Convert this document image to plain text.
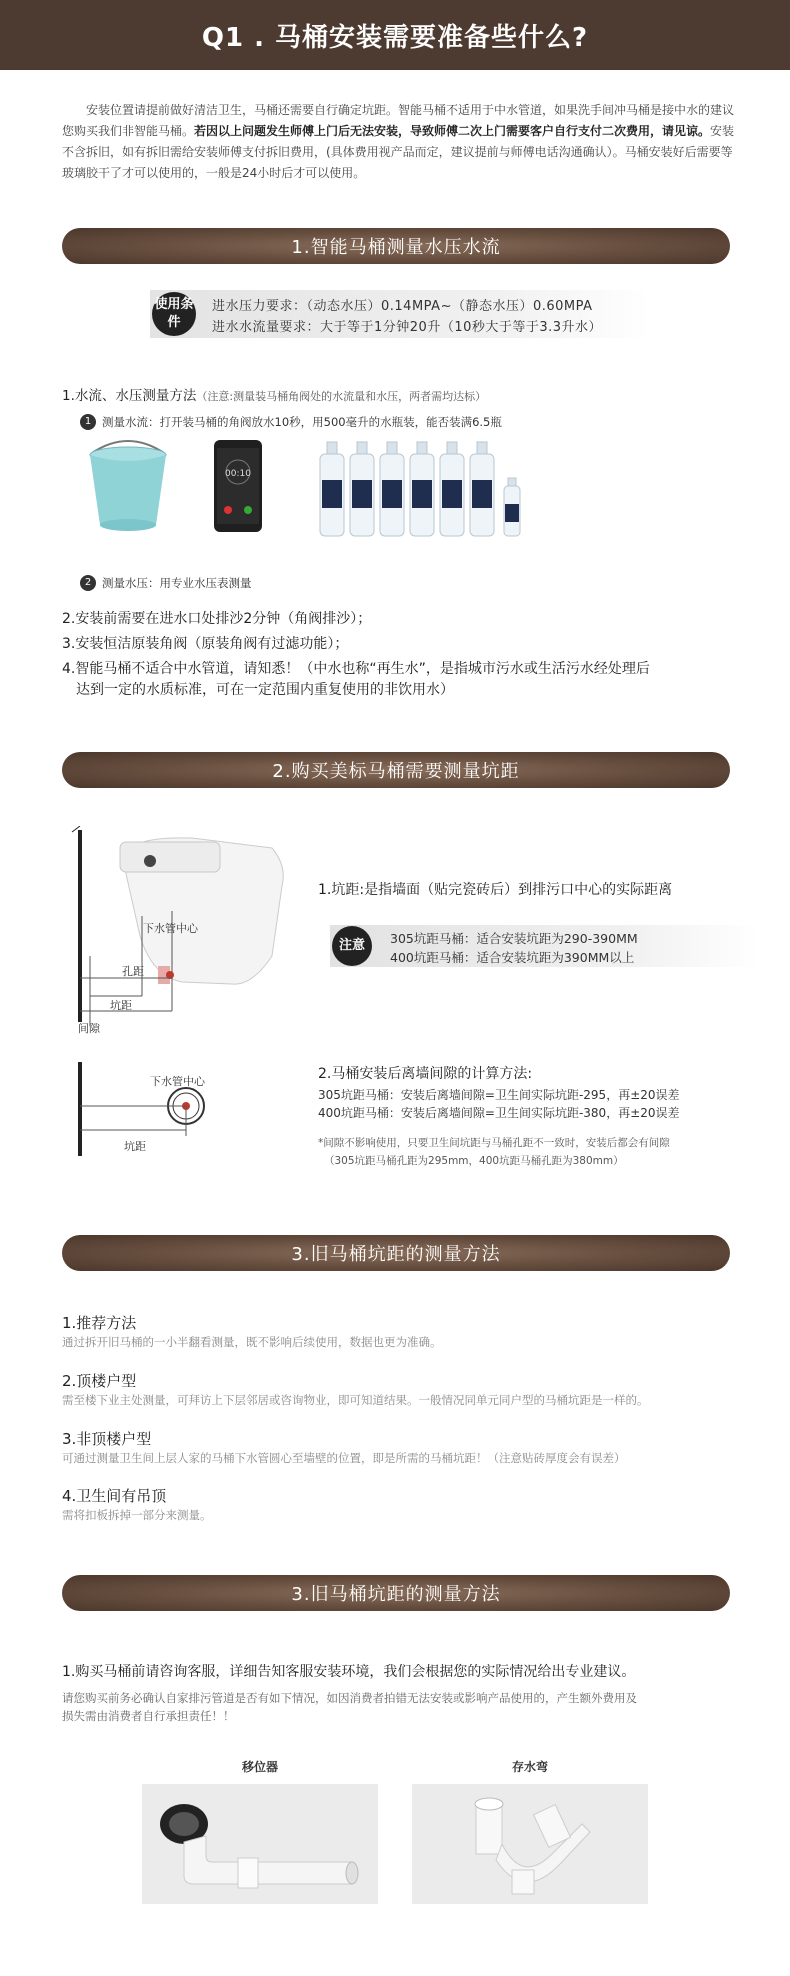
Q1 . 马桶安装需要准备些什么?
安装位置请提前做好清洁卫生，马桶还需要自行确定坑距。智能马桶不适用于中水管道，如果洗手间冲马桶是接中水的建议您购买我们非智能马桶。若因以上问题发生师傅上门后无法安装，导致师傅二次上门需要客户自行支付二次费用，请见谅。安装不含拆旧，如有拆旧需给安装师傅支付拆旧费用，(具体费用视产品而定，建议提前与师傅电话沟通确认）。马桶安装好后需要等玻璃胶干了才可以使用的，一般是24小时后才可以使用。
1.智能马桶测量水压水流
使用条件
进水压力要求：（动态水压）0.14MPA~（静态水压）0.60MPA
进水水流量要求：大于等于1分钟20升（10秒大于等于3.3升水）
1.水流、水压测量方法（注意:测量装马桶角阀处的水流量和水压，两者需均达标）
1 测量水流：打开装马桶的角阀放水10秒，用500毫升的水瓶装，能否装满6.5瓶
00:10
2 测量水压：用专业水压表测量
2.安装前需要在进水口处排沙2分钟（角阀排沙）；
3.安装恒洁原装角阀（原装角阀有过滤功能）；
4.智能马桶不适合中水管道，请知悉！（中水也称“再生水”，是指城市污水或生活污水经处理后
达到一定的水质标准，可在一定范围内重复使用的非饮用水）
2.购买美标马桶需要测量坑距
下水管中心
孔距
坑距
间隙
1.坑距:是指墙面（贴完瓷砖后）到排污口中心的实际距离
注意	305坑距马桶：适合安装坑距为290-390MM
400坑距马桶：适合安装坑距为390MM以上
下水管中心
坑距
2.马桶安装后离墙间隙的计算方法:
305坑距马桶：安装后离墙间隙=卫生间实际坑距-295，再±20误差
400坑距马桶：安装后离墙间隙=卫生间实际坑距-380，再±20误差
*间隙不影响使用，只要卫生间坑距与马桶孔距不一致时，安装后都会有间隙
（305坑距马桶孔距为295mm，400坑距马桶孔距为380mm）
3.旧马桶坑距的测量方法
1.推荐方法
通过拆开旧马桶的一小半翻看测量，既不影响后续使用，数据也更为准确。
2.顶楼户型
需至楼下业主处测量，可拜访上下层邻居或咨询物业，即可知道结果。一般情况同单元同户型的马桶坑距是一样的。
3.非顶楼户型
可通过测量卫生间上层人家的马桶下水管圆心至墙壁的位置，即是所需的马桶坑距！（注意贴砖厚度会有误差）
4.卫生间有吊顶
需将扣板拆掉一部分来测量。
3.旧马桶坑距的测量方法
1.购买马桶前请咨询客服，详细告知客服安装环境，我们会根据您的实际情况给出专业建议。
请您购买前务必确认自家排污管道是否有如下情况，如因消费者拍错无法安装或影响产品使用的，产生额外费用及
损失需由消费者自行承担责任！！
移位器	存水弯
